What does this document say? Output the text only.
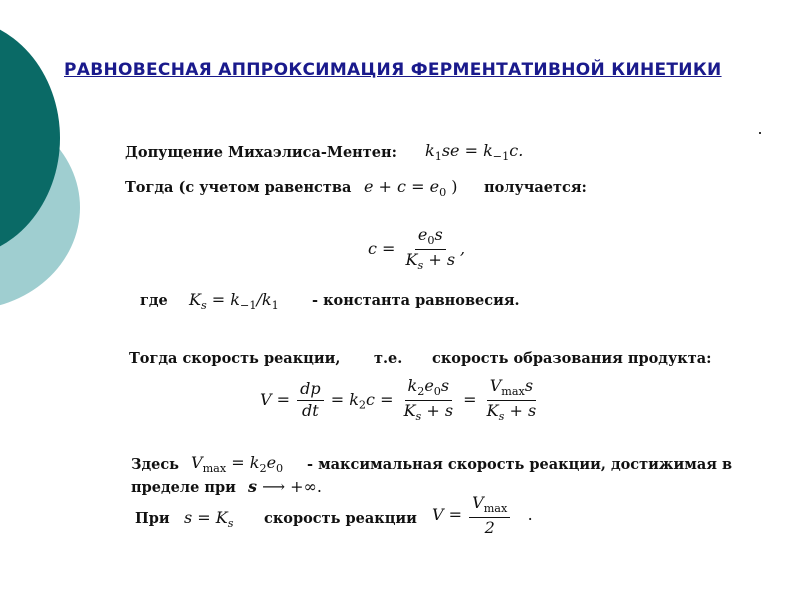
РАВНОВЕСНАЯ АППРОКСИМАЦИЯ ФЕРМЕНТАТИВНОЙ КИНЕТИКИ
Допущение Михаэлиса-Ментен: $k_1se = k_{-1}c$.
Тогда (с учетом равенства $e + c = e_0$ ) получается:
$c = \frac{e_0s}{K_s + s}$ ,
где $K_s = k_{-1}/k_1$ - константа равновесия.
Тогда скорость реакции, т.е. скорость образования продукта:
$V = \frac{dp}{dt} = k_2c = \frac{k_2e_0s}{K_s + s} = \frac{V_{max}s}{K_s + s}$
Здесь $V_{max} = k_2e_0$ - максимальная скорость реакции, достижимая в
пределе при s ⟶ +∞.
При $s = K_s$ скорость реакции $V = \frac{V_{max}}{2}$ .
